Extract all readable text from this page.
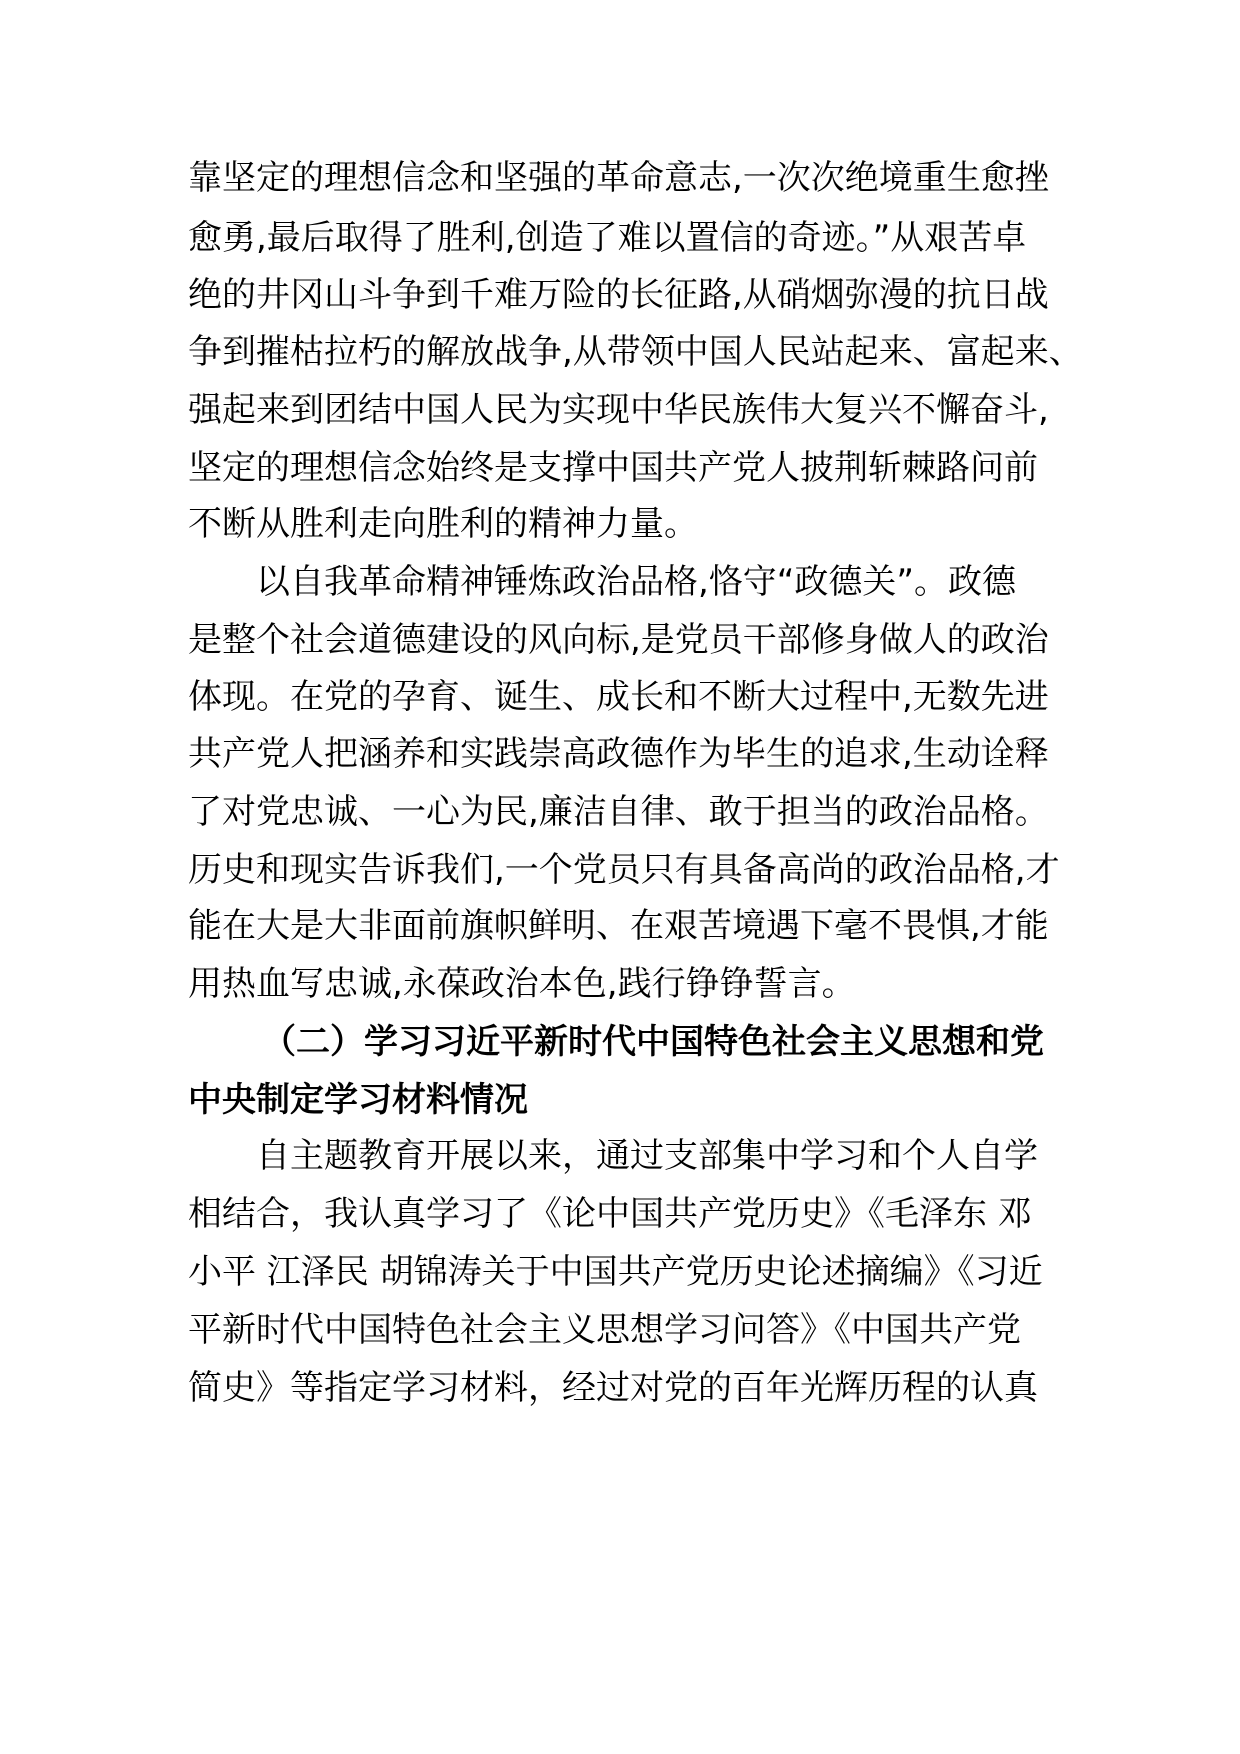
靠坚定的理想信念和坚强的革命意志,一次次绝境重生愈挫
愈勇,最后取得了胜利,创造了难以置信的奇迹。”从艰苦卓
绝的井冈山斗争到千难万险的长征路,从硝烟弥漫的抗日战
争到摧枯拉朽的解放战争,从带领中国人民站起来、富起来、
强起来到团结中国人民为实现中华民族伟大复兴不懈奋斗,
坚定的理想信念始终是支撑中国共产党人披荆斩棘路问前
不断从胜利走向胜利的精神力量。
以自我革命精神锤炼政治品格,恪守“政德关”。政德
是整个社会道德建设的风向标,是党员干部修身做人的政治
体现。在党的孕育、诞生、成长和不断大过程中,无数先进
共产党人把涵养和实践崇高政德作为毕生的追求,生动诠释
了对党忠诚、一心为民,廉洁自律、敢于担当的政治品格。
历史和现实告诉我们,一个党员只有具备高尚的政治品格,才
能在大是大非面前旗帜鲜明、在艰苦境遇下毫不畏惧,才能
用热血写忠诚,永葆政治本色,践行铮铮誓言。
（二）学习习近平新时代中国特色社会主义思想和党
中央制定学习材料情况
自主题教育开展以来，通过支部集中学习和个人自学
相结合，我认真学习了《论中国共产党历史》《毛泽东 邓
小平 江泽民 胡锦涛关于中国共产党历史论述摘编》《习近
平新时代中国特色社会主义思想学习问答》《中国共产党
简史》等指定学习材料，经过对党的百年光辉历程的认真
